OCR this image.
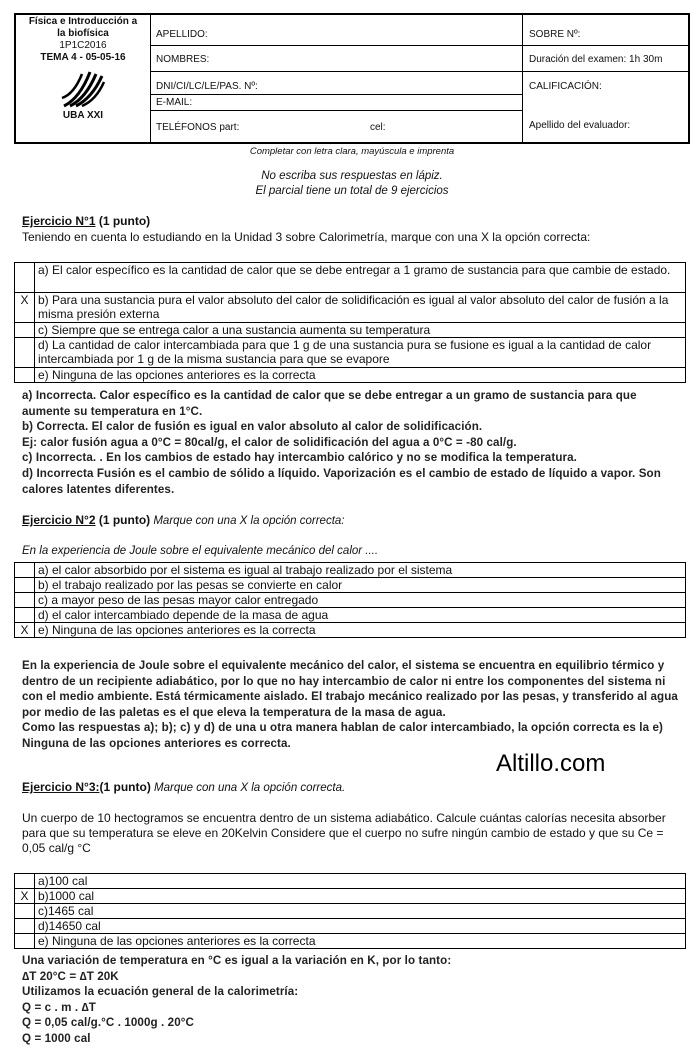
Física e Introducción a
la biofísica
1P1C2016
TEMA 4 - 05-05-16
UBA XXI
APELLIDO:
NOMBRES:
DNI/CI/LC/LE/PAS. Nº:
E-MAIL:
TELÉFONOS part:	cel:
SOBRE Nº:
Duración del examen: 1h 30m
CALIFICACIÓN:
Apellido del evaluador:
Completar con letra clara, mayúscula e imprenta
No escriba sus respuestas en lápiz.
El parcial tiene un total de 9 ejercicios
Ejercicio N°1 (1 punto)
Teniendo en cuenta lo estudiando en la Unidad 3 sobre Calorimetría, marque con una X la opción correcta:
	a) El calor específico es la cantidad de calor que se debe entregar a 1 gramo de sustancia para que cambie de estado.
X	b) Para una sustancia pura el valor absoluto del calor de solidificación es igual al valor absoluto del calor de fusión a la misma presión externa
	c) Siempre que se entrega calor a una sustancia aumenta su temperatura
	d) La cantidad de calor intercambiada para que 1 g de una sustancia pura se fusione es igual a la cantidad de calor intercambiada por 1 g de la misma sustancia para que se evapore
	e) Ninguna de las opciones anteriores es la correcta
a) Incorrecta. Calor específico es la cantidad de calor que se debe entregar a un gramo de sustancia para que aumente su temperatura en 1°C.
b) Correcta. El calor de fusión es igual en valor absoluto al calor de solidificación.
Ej: calor fusión agua a 0°C = 80cal/g, el calor de solidificación del agua a 0°C = -80 cal/g.
c) Incorrecta. . En los cambios de estado hay intercambio calórico y no se modifica la temperatura.
d) Incorrecta Fusión es el cambio de sólido a líquido. Vaporización es el cambio de estado de líquido a vapor. Son calores latentes diferentes.
Ejercicio N°2 (1 punto) Marque con una X la opción correcta:
En la experiencia de Joule sobre el equivalente mecánico del calor ....
	a) el calor absorbido por el sistema es igual al trabajo realizado por el sistema
	b) el trabajo realizado por las pesas se convierte en calor
	c) a mayor peso de las pesas mayor calor entregado
	d) el calor intercambiado depende de la masa de agua
X	e) Ninguna de las opciones anteriores es la correcta
En la experiencia de Joule sobre el equivalente mecánico del calor, el sistema se encuentra en equilibrio térmico y dentro de un recipiente adiabático, por lo que no hay intercambio de calor ni entre los componentes del sistema ni con el medio ambiente. Está térmicamente aislado. El trabajo mecánico realizado por las pesas, y transferido al agua por medio de las paletas es el que eleva la temperatura de la masa de agua.
Como las respuestas a); b); c) y d) de una u otra manera hablan de calor intercambiado, la opción correcta es la e) Ninguna de las opciones anteriores es correcta.
Altillo.com
Ejercicio N°3:(1 punto) Marque con una X la opción correcta.
Un cuerpo de 10 hectogramos se encuentra dentro de un sistema adiabático. Calcule cuántas calorías necesita absorber para que su temperatura se eleve en 20Kelvin Considere que el cuerpo no sufre ningún cambio de estado y que su Ce = 0,05 cal/g °C
	a)100 cal
X	b)1000 cal
	c)1465 cal
	d)14650 cal
	e) Ninguna de las opciones anteriores es la correcta
Una variación de temperatura en °C es igual a la variación en K, por lo tanto:
∆T 20°C = ∆T 20K
Utilizamos la ecuación general de la calorimetría:
Q = c . m . ∆T
Q = 0,05 cal/g.°C . 1000g . 20°C
Q = 1000 cal
